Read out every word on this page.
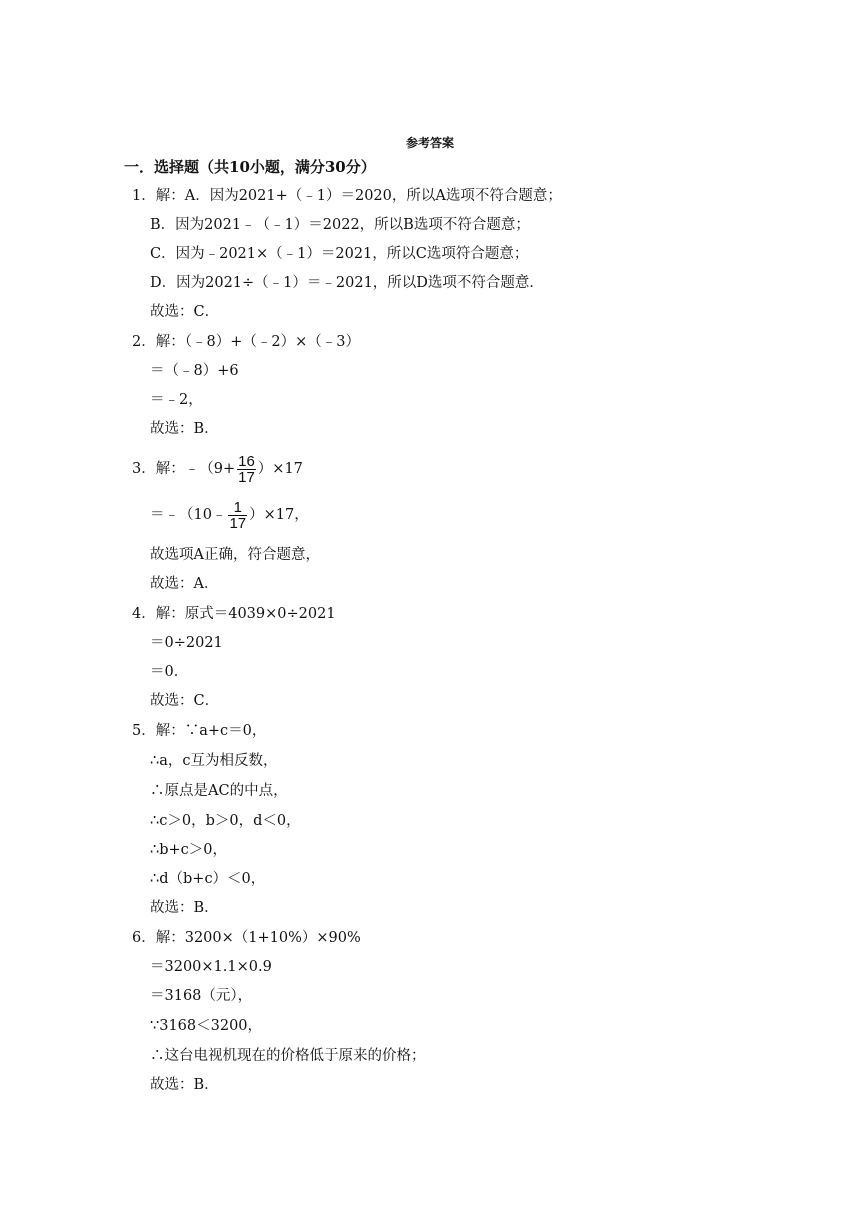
参考答案
一．选择题（共10小题，满分30分）
1．解：A．因为2021+（﹣1）＝2020，所以A选项不符合题意；
B．因为2021﹣（﹣1）＝2022，所以B选项不符合题意；
C．因为﹣2021×（﹣1）＝2021，所以C选项符合题意；
D．因为2021÷（﹣1）＝﹣2021，所以D选项不符合题意．
故选：C．
2．解：（﹣8）+（﹣2）×（﹣3）
＝（﹣8）+6
＝﹣2，
故选：B．
3．解：﹣（9+ $\frac{16}{17} )\times 17$
＝﹣（10﹣ $\frac{1}{17} )\times 17$，
故选项A正确，符合题意，
故选：A．
4．解：原式＝4039×0÷2021
＝0÷2021
＝0．
故选：C．
5．解：∵a+c＝0，
∴a，c互为相反数，
∴原点是AC的中点，
∴c＞0，b＞0，d＜0，
∴b+c＞0，
∴d（b+c）＜0，
故选：B．
6．解：3200×（1+10%）×90%
＝3200×1.1×0.9
＝3168（元），
∵3168＜3200，
∴这台电视机现在的价格低于原来的价格；
故选：B．
